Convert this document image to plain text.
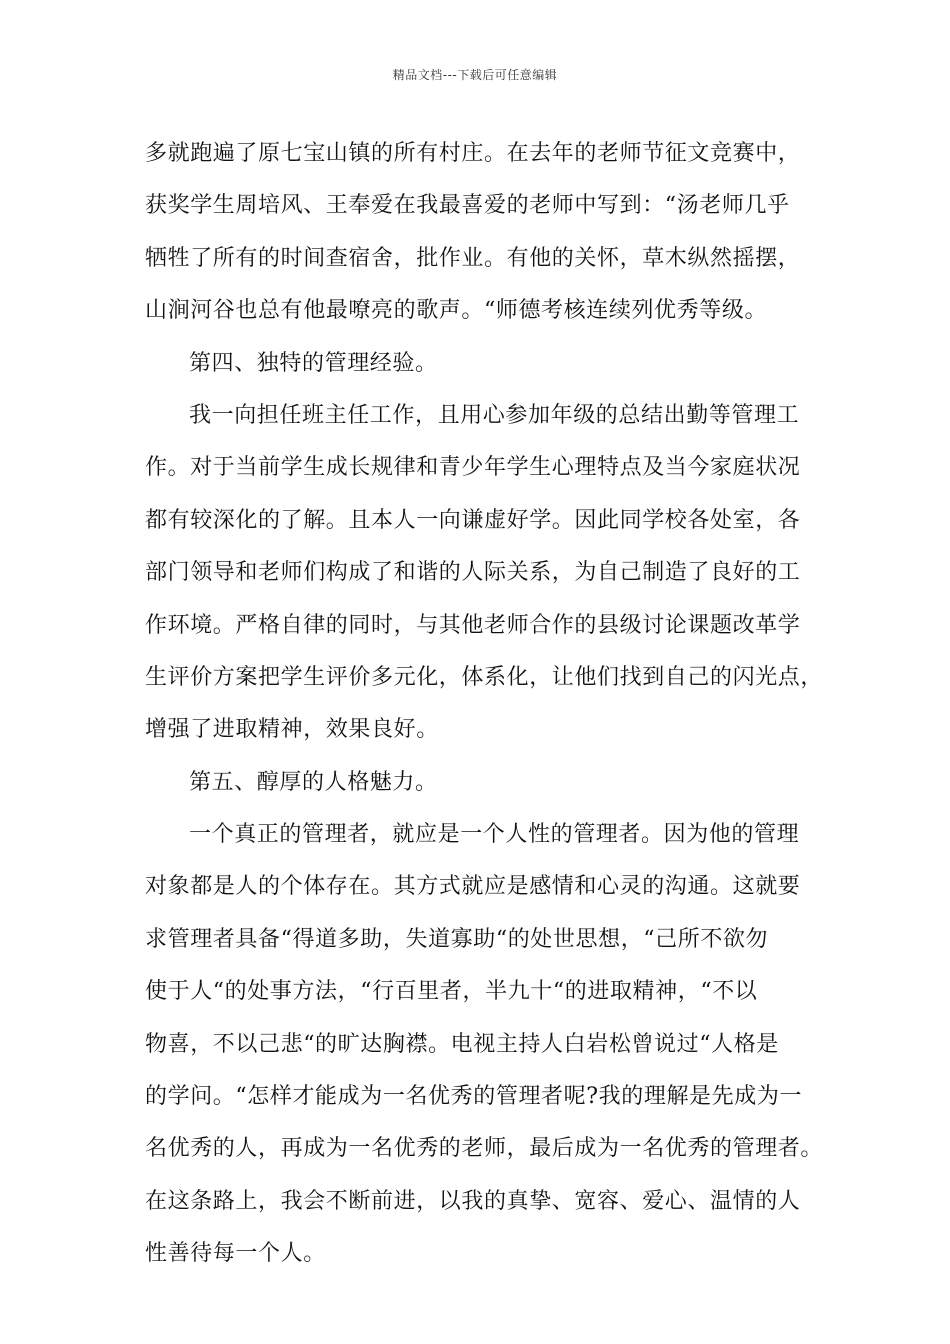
精品文档---下载后可任意编辑
多就跑遍了原七宝山镇的所有村庄。在去年的老师节征文竞赛中，
获奖学生周培风、王奉爱在我最喜爱的老师中写到：“汤老师几乎
牺牲了所有的时间查宿舍，批作业。有他的关怀，草木纵然摇摆，
山涧河谷也总有他最嘹亮的歌声。“师德考核连续列优秀等级。
第四、独特的管理经验。
我一向担任班主任工作，且用心参加年级的总结出勤等管理工
作。对于当前学生成长规律和青少年学生心理特点及当今家庭状况
都有较深化的了解。且本人一向谦虚好学。因此同学校各处室，各
部门领导和老师们构成了和谐的人际关系，为自己制造了良好的工
作环境。严格自律的同时，与其他老师合作的县级讨论课题改革学
生评价方案把学生评价多元化，体系化，让他们找到自己的闪光点，
增强了进取精神，效果良好。
第五、醇厚的人格魅力。
一个真正的管理者，就应是一个人性的管理者。因为他的管理
对象都是人的个体存在。其方式就应是感情和心灵的沟通。这就要
求管理者具备“得道多助，失道寡助“的处世思想，“己所不欲勿
使于人“的处事方法，“行百里者，半九十“的进取精神，“不以
物喜，不以己悲“的旷达胸襟。电视主持人白岩松曾说过“人格是
的学问。“怎样才能成为一名优秀的管理者呢?我的理解是先成为一
名优秀的人，再成为一名优秀的老师，最后成为一名优秀的管理者。
在这条路上，我会不断前进，以我的真挚、宽容、爱心、温情的人
性善待每一个人。
